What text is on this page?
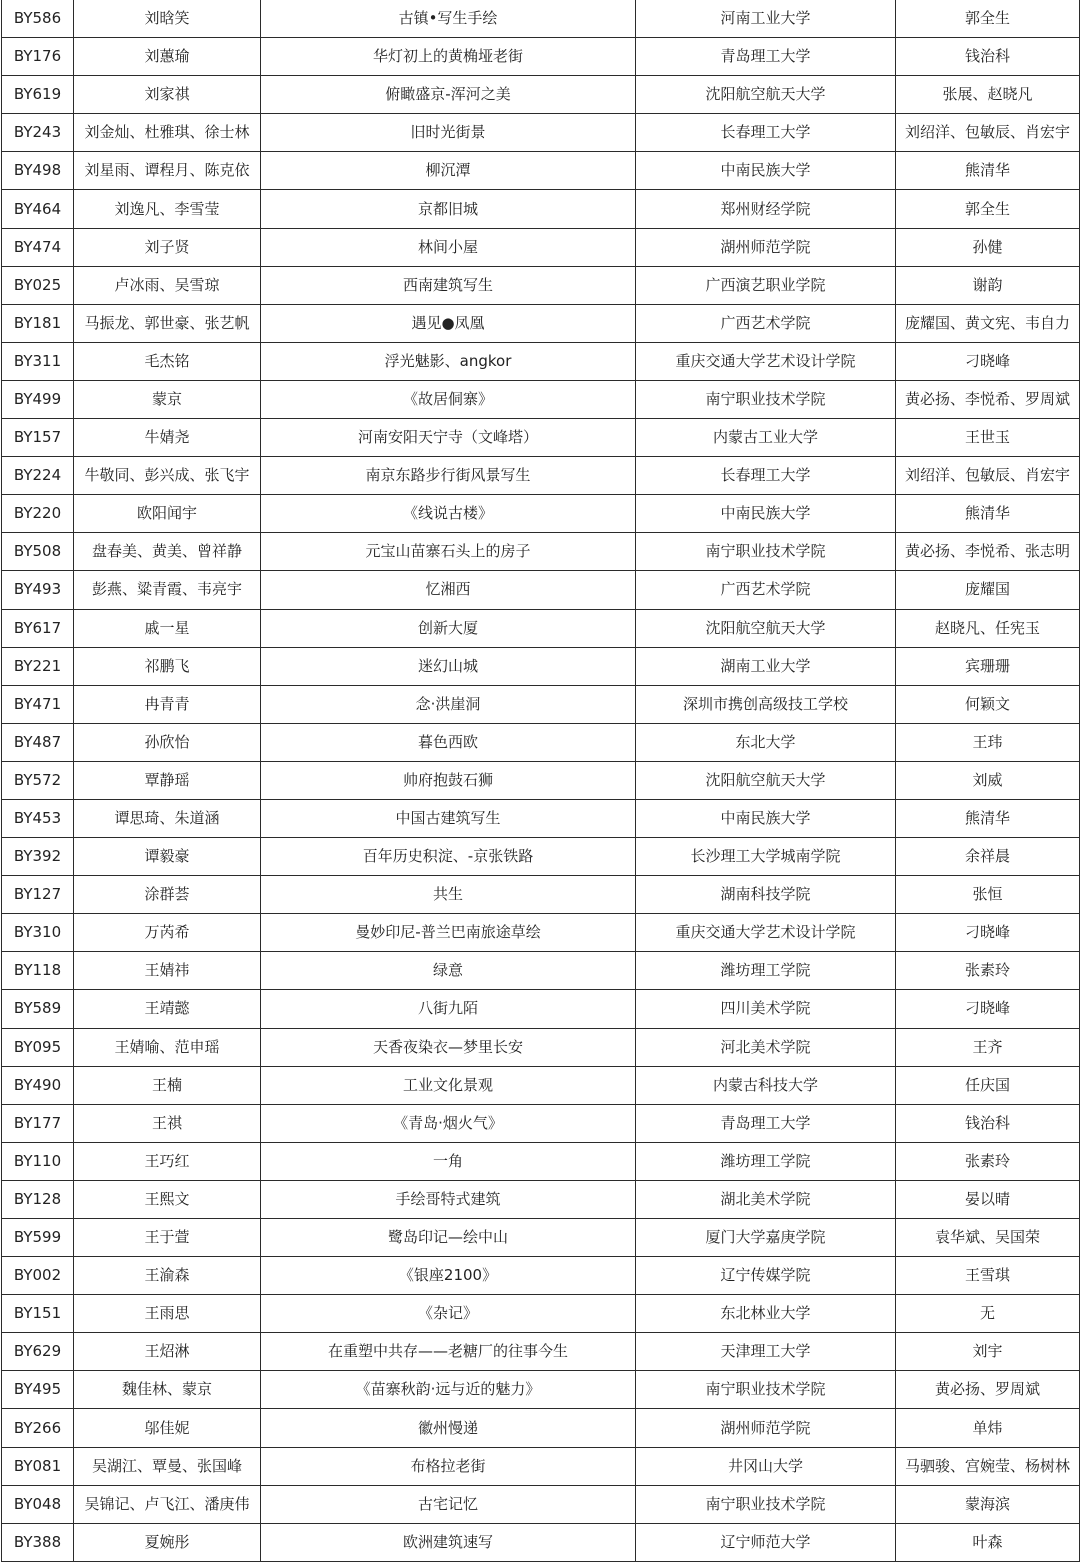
BY586	刘晗笑	古镇•写生手绘	河南工业大学	郭全生
BY176	刘蕙瑜	华灯初上的黄桷垭老街	青岛理工大学	钱治科
BY619	刘家祺	俯瞰盛京-浑河之美	沈阳航空航天大学	张展、赵晓凡
BY243	刘金灿、杜雅琪、徐士林	旧时光街景	长春理工大学	刘绍洋、包敏辰、肖宏宇
BY498	刘星雨、谭程月、陈克依	柳沉潭	中南民族大学	熊清华
BY464	刘逸凡、李雪莹	京都旧城	郑州财经学院	郭全生
BY474	刘子贤	林间小屋	湖州师范学院	孙健
BY025	卢冰雨、吴雪琼	西南建筑写生	广西演艺职业学院	谢韵
BY181	马振龙、郭世豪、张艺帆	遇见●凤凰	广西艺术学院	庞耀国、黄文宪、韦自力
BY311	毛杰铭	浮光魅影、angkor	重庆交通大学艺术设计学院	刁晓峰
BY499	蒙京	《故居侗寨》	南宁职业技术学院	黄必扬、李悦希、罗周斌
BY157	牛婧尧	河南安阳天宁寺（文峰塔）	内蒙古工业大学	王世玉
BY224	牛敬同、彭兴成、张飞宇	南京东路步行街风景写生	长春理工大学	刘绍洋、包敏辰、肖宏宇
BY220	欧阳闻宇	《线说古楼》	中南民族大学	熊清华
BY508	盘春美、黄美、曾祥静	元宝山苗寨石头上的房子	南宁职业技术学院	黄必扬、李悦希、张志明
BY493	彭燕、粱青霞、韦亮宇	忆湘西	广西艺术学院	庞耀国
BY617	戚一星	创新大厦	沈阳航空航天大学	赵晓凡、任宪玉
BY221	祁鹏飞	迷幻山城	湖南工业大学	宾珊珊
BY471	冉青青	念·洪崖洞	深圳市携创高级技工学校	何颖文
BY487	孙欣怡	暮色西欧	东北大学	王玮
BY572	覃静瑶	帅府抱鼓石狮	沈阳航空航天大学	刘威
BY453	谭思琦、朱道涵	中国古建筑写生	中南民族大学	熊清华
BY392	谭毅豪	百年历史积淀、-京张铁路	长沙理工大学城南学院	余祥晨
BY127	涂群荟	共生	湖南科技学院	张恒
BY310	万芮希	曼妙印尼-普兰巴南旅途草绘	重庆交通大学艺术设计学院	刁晓峰
BY118	王婧祎	绿意	潍坊理工学院	张素玲
BY589	王靖懿	八街九陌	四川美术学院	刁晓峰
BY095	王婧喻、范申瑶	天香夜染衣—梦里长安	河北美术学院	王齐
BY490	王楠	工业文化景观	内蒙古科技大学	任庆国
BY177	王祺	《青岛·烟火气》	青岛理工大学	钱治科
BY110	王巧红	一角	潍坊理工学院	张素玲
BY128	王熙文	手绘哥特式建筑	湖北美术学院	晏以晴
BY599	王于萱	鹭岛印记—绘中山	厦门大学嘉庚学院	袁华斌、吴国荣
BY002	王渝森	《银座2100》	辽宁传媒学院	王雪琪
BY151	王雨思	《杂记》	东北林业大学	无
BY629	王炤淋	在重塑中共存——老糖厂的往事今生	天津理工大学	刘宇
BY495	魏佳林、蒙京	《苗寨秋韵·远与近的魅力》	南宁职业技术学院	黄必扬、罗周斌
BY266	邬佳妮	徽州慢递	湖州师范学院	单炜
BY081	吴湖江、覃曼、张国峰	布格拉老街	井冈山大学	马驷骏、宫婉莹、杨树林
BY048	吴锦记、卢飞江、潘庚伟	古宅记忆	南宁职业技术学院	蒙海滨
BY388	夏婉彤	欧洲建筑速写	辽宁师范大学	叶森
